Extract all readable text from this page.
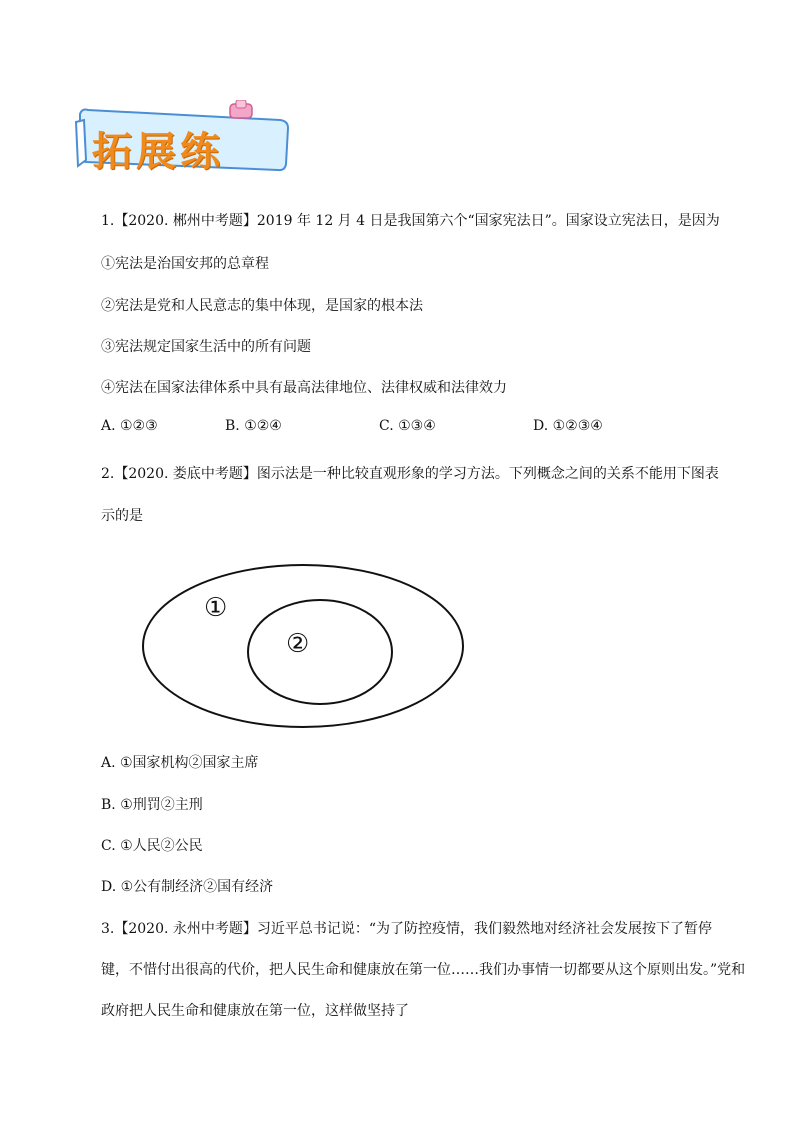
拓展练
1.【2020. 郴州中考题】2019 年 12 月 4 日是我国第六个“国家宪法日”。国家设立宪法日，是因为
①宪法是治国安邦的总章程
②宪法是党和人民意志的集中体现，是国家的根本法
③宪法规定国家生活中的所有问题
④宪法在国家法律体系中具有最高法律地位、法律权威和法律效力
A. ①②③	B. ①②④	C. ①③④	D. ①②③④
2.【2020. 娄底中考题】图示法是一种比较直观形象的学习方法。下列概念之间的关系不能用下图表
示的是
①
②
A. ①国家机构②国家主席
B. ①刑罚②主刑
C. ①人民②公民
D. ①公有制经济②国有经济
3.【2020. 永州中考题】习近平总书记说：“为了防控疫情，我们毅然地对经济社会发展按下了暂停
键，不惜付出很高的代价，把人民生命和健康放在第一位……我们办事情一切都要从这个原则出发。”党和
政府把人民生命和健康放在第一位，这样做坚持了
